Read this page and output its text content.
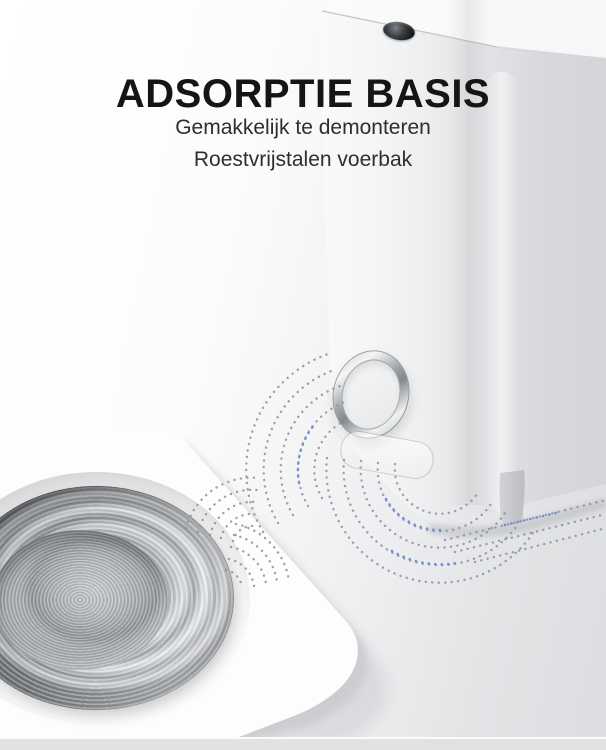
ADSORPTIE BASIS
Gemakkelijk te demonteren
Roestvrijstalen voerbak
